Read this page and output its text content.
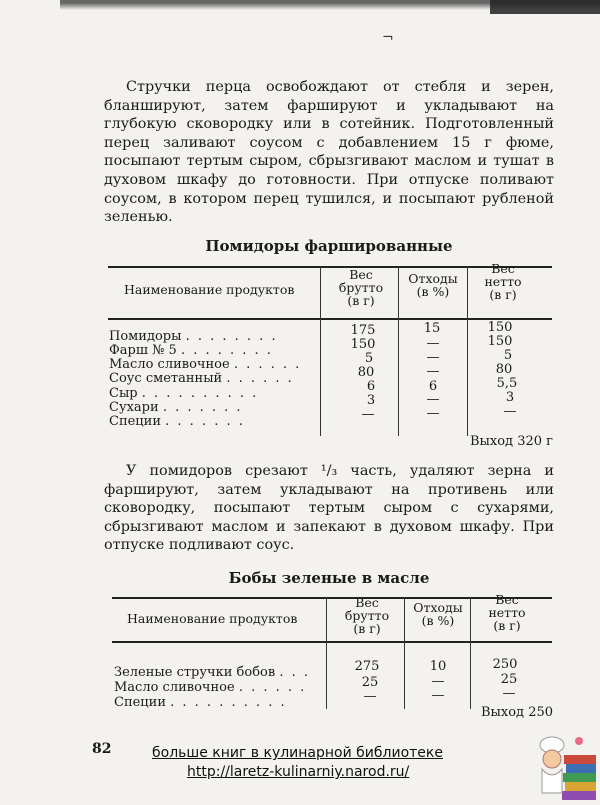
¬

Стручки перца освобождают от стебля и зерен, бланшируют, затем фаршируют и укладывают на глубокую сковородку или в сотейник. Подготовленный перец заливают соусом с добавлением 15 г фюме, посыпают тертым сыром, сбрызгивают маслом и тушат в духовом шкафу до готовности. При отпуске поливают соусом, в котором перец тушился, и посыпают рубленой зеленью.

Помидоры фаршированные

Наименование продуктов

Вес
брутто
(в г)
Отходы
(в %)
Вес
нетто
(в г)

Помидоры . . . . . . . .

Фарш № 5 . . . . . . . .

Масло сливочное . . . . . .

Соус сметанный . . . . . .

Сыр . . . . . . . . . .

Сухари . . . . . . .

Специи . . . . . . .

175

150

5

80

6

3

—

15

—

—

—

6

—

—

150

150

5

80

5,5

3

—

Выход 320 г

У помидоров срезают ¹/₃ часть, удаляют зерна и фаршируют, затем укладывают на противень или сковородку, посыпают тертым сыром с сухарями, сбрызгивают маслом и запекают в духовом шкафу. При отпуске подливают соус.

Бобы зеленые в масле

Наименование продуктов

Вес
брутто
(в г)
Отходы
(в %)
Вес
нетто
(в г)

Зеленые стручки бобов . . .

Масло сливочное . . . . . .

Специи . . . . . . . . . .

275

25

—

10

—

—

250

25

—

Выход 250

82	больше книг в кулинарной библиотеке
http://laretz-kulinarniy.narod.ru/
